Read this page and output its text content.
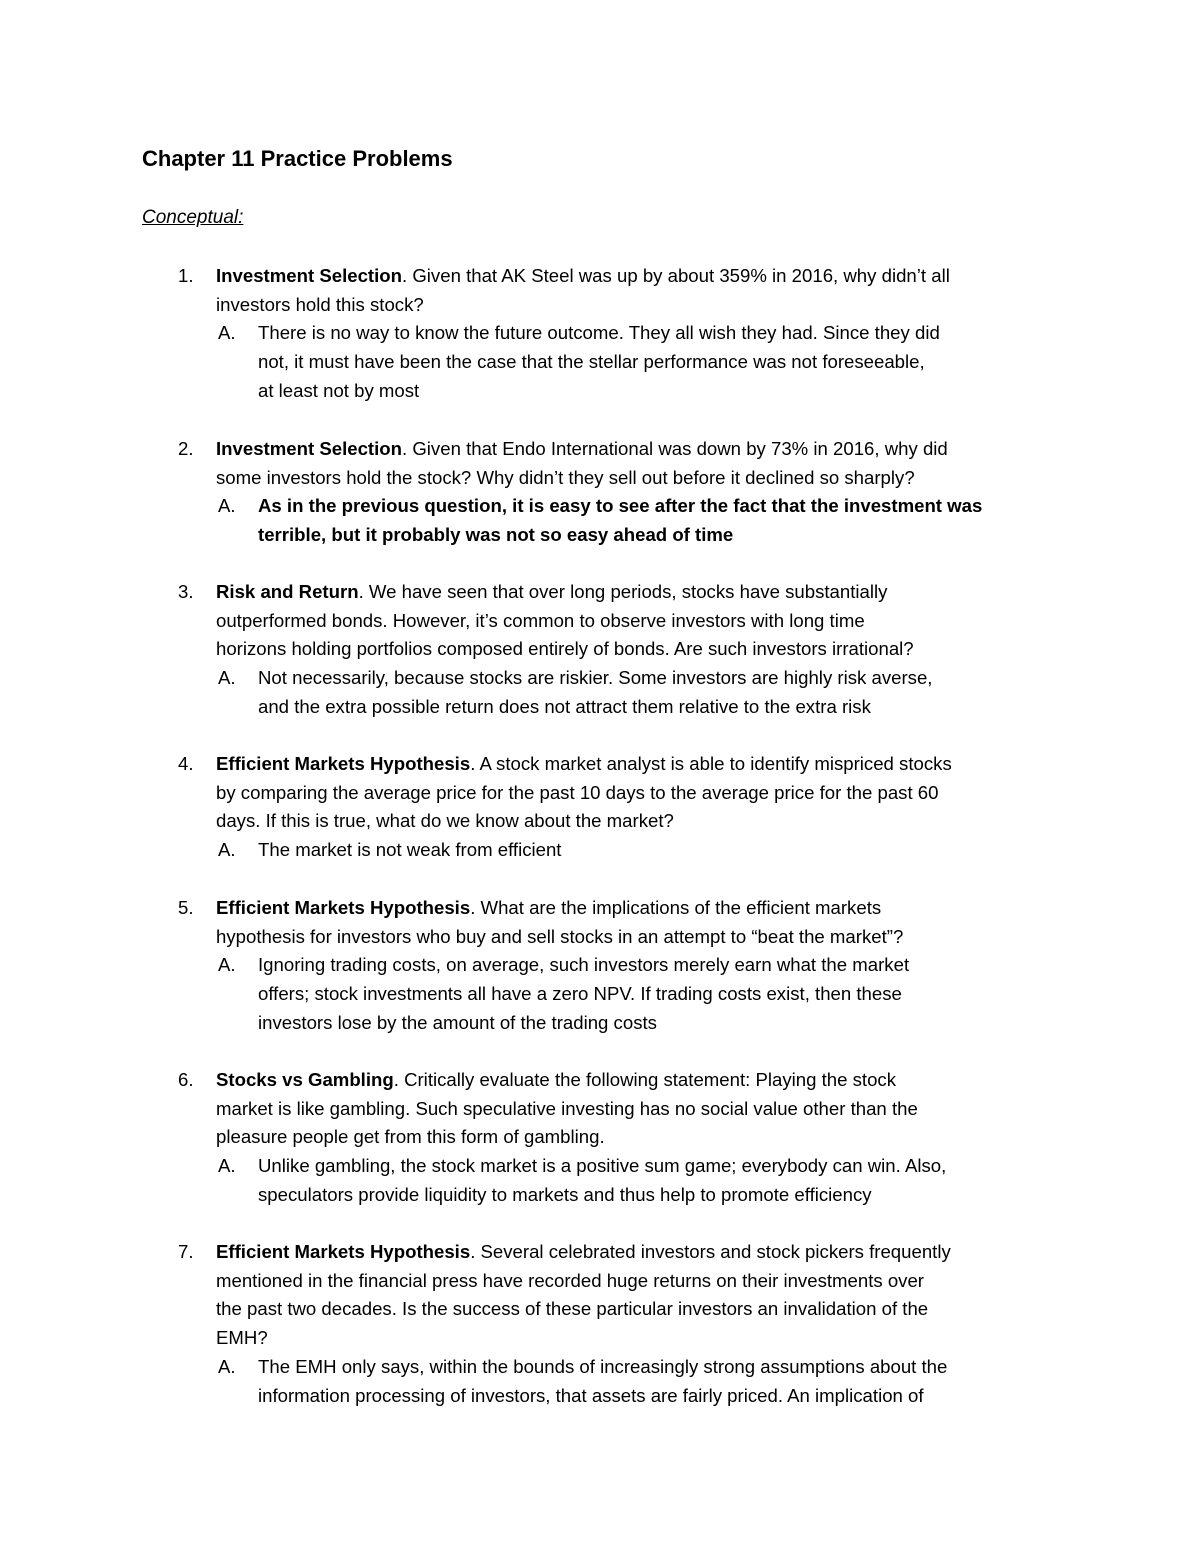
Chapter 11 Practice Problems
Conceptual:
1.	Investment Selection. Given that AK Steel was up by about 359% in 2016, why didn’t all
investors hold this stock?
A. There is no way to know the future outcome. They all wish they had. Since they did
not, it must have been the case that the stellar performance was not foreseeable,
at least not by most
2.	Investment Selection. Given that Endo International was down by 73% in 2016, why did
some investors hold the stock? Why didn’t they sell out before it declined so sharply?
A. As in the previous question, it is easy to see after the fact that the investment was
terrible, but it probably was not so easy ahead of time
3.	Risk and Return. We have seen that over long periods, stocks have substantially
outperformed bonds. However, it’s common to observe investors with long time
horizons holding portfolios composed entirely of bonds. Are such investors irrational?
A. Not necessarily, because stocks are riskier. Some investors are highly risk averse,
and the extra possible return does not attract them relative to the extra risk
4.	Efficient Markets Hypothesis. A stock market analyst is able to identify mispriced stocks
by comparing the average price for the past 10 days to the average price for the past 60
days. If this is true, what do we know about the market?
A. The market is not weak from efficient
5.	Efficient Markets Hypothesis. What are the implications of the efficient markets
hypothesis for investors who buy and sell stocks in an attempt to “beat the market”?
A. Ignoring trading costs, on average, such investors merely earn what the market
offers; stock investments all have a zero NPV. If trading costs exist, then these
investors lose by the amount of the trading costs
6.	Stocks vs Gambling. Critically evaluate the following statement: Playing the stock
market is like gambling. Such speculative investing has no social value other than the
pleasure people get from this form of gambling.
A. Unlike gambling, the stock market is a positive sum game; everybody can win. Also,
speculators provide liquidity to markets and thus help to promote efficiency
7.	Efficient Markets Hypothesis. Several celebrated investors and stock pickers frequently
mentioned in the financial press have recorded huge returns on their investments over
the past two decades. Is the success of these particular investors an invalidation of the
EMH?
A. The EMH only says, within the bounds of increasingly strong assumptions about the
information processing of investors, that assets are fairly priced. An implication of
